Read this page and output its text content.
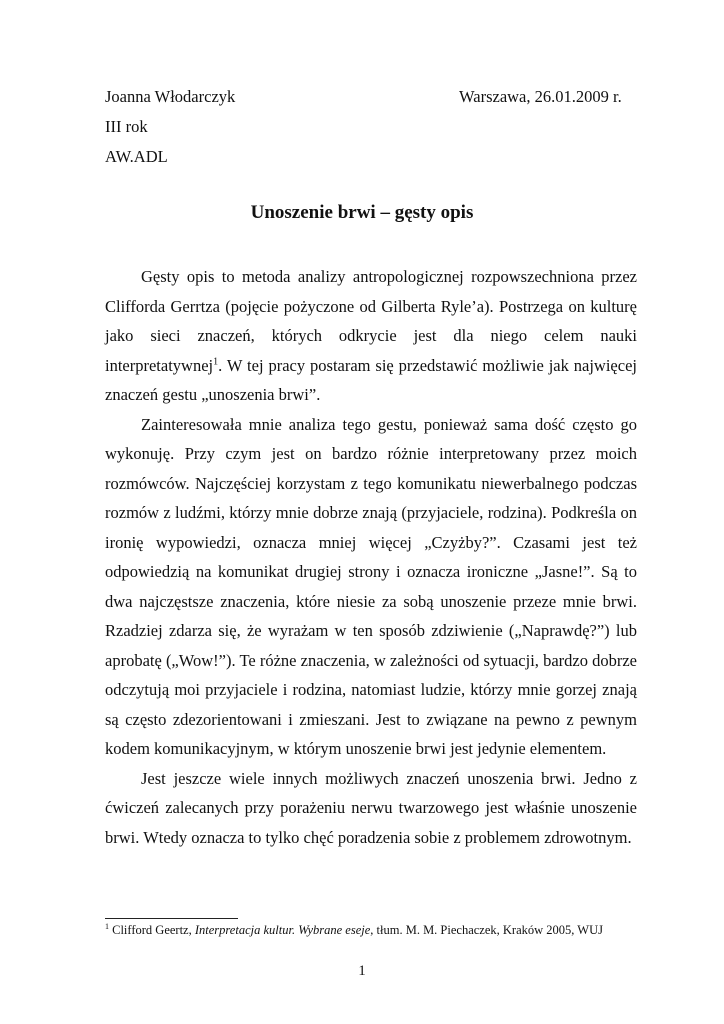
Joanna Włodarczyk	Warszawa, 26.01.2009 r.
III rok
AW.ADL
Unoszenie brwi – gęsty opis

Gęsty opis to metoda analizy antropologicznej rozpowszechniona przez Clifforda Gerrtza (pojęcie pożyczone od Gilberta Ryle’a). Postrzega on kulturę jako sieci znaczeń, których odkrycie jest dla niego celem nauki interpretatywnej$^1$. W tej pracy postaram się przedstawić możliwie jak najwięcej znaczeń gestu „unoszenia brwi”.

Zainteresowała mnie analiza tego gestu, ponieważ sama dość często go wykonuję. Przy czym jest on bardzo różnie interpretowany przez moich rozmówców. Najczęściej korzystam z tego komunikatu niewerbalnego podczas rozmów z ludźmi, którzy mnie dobrze znają (przyjaciele, rodzina). Podkreśla on ironię wypowiedzi, oznacza mniej więcej „Czyżby?”. Czasami jest też odpowiedzią na komunikat drugiej strony i oznacza ironiczne „Jasne!”. Są to dwa najczęstsze znaczenia, które niesie za sobą unoszenie przeze mnie brwi. Rzadziej zdarza się, że wyrażam w ten sposób zdziwienie („Naprawdę?”) lub aprobatę („Wow!”). Te różne znaczenia, w zależności od sytuacji, bardzo dobrze odczytują moi przyjaciele i rodzina, natomiast ludzie, którzy mnie gorzej znają są często zdezorientowani i zmieszani. Jest to związane na pewno z pewnym kodem komunikacyjnym, w którym unoszenie brwi jest jedynie elementem.

Jest jeszcze wiele innych możliwych znaczeń unoszenia brwi. Jedno z ćwiczeń zalecanych przy porażeniu nerwu twarzowego jest właśnie unoszenie brwi. Wtedy oznacza to tylko chęć poradzenia sobie z problemem zdrowotnym.

$^1$ Clifford Geertz, Interpretacja kultur. Wybrane eseje, tłum. M. M. Piechaczek, Kraków 2005, WUJ
1
